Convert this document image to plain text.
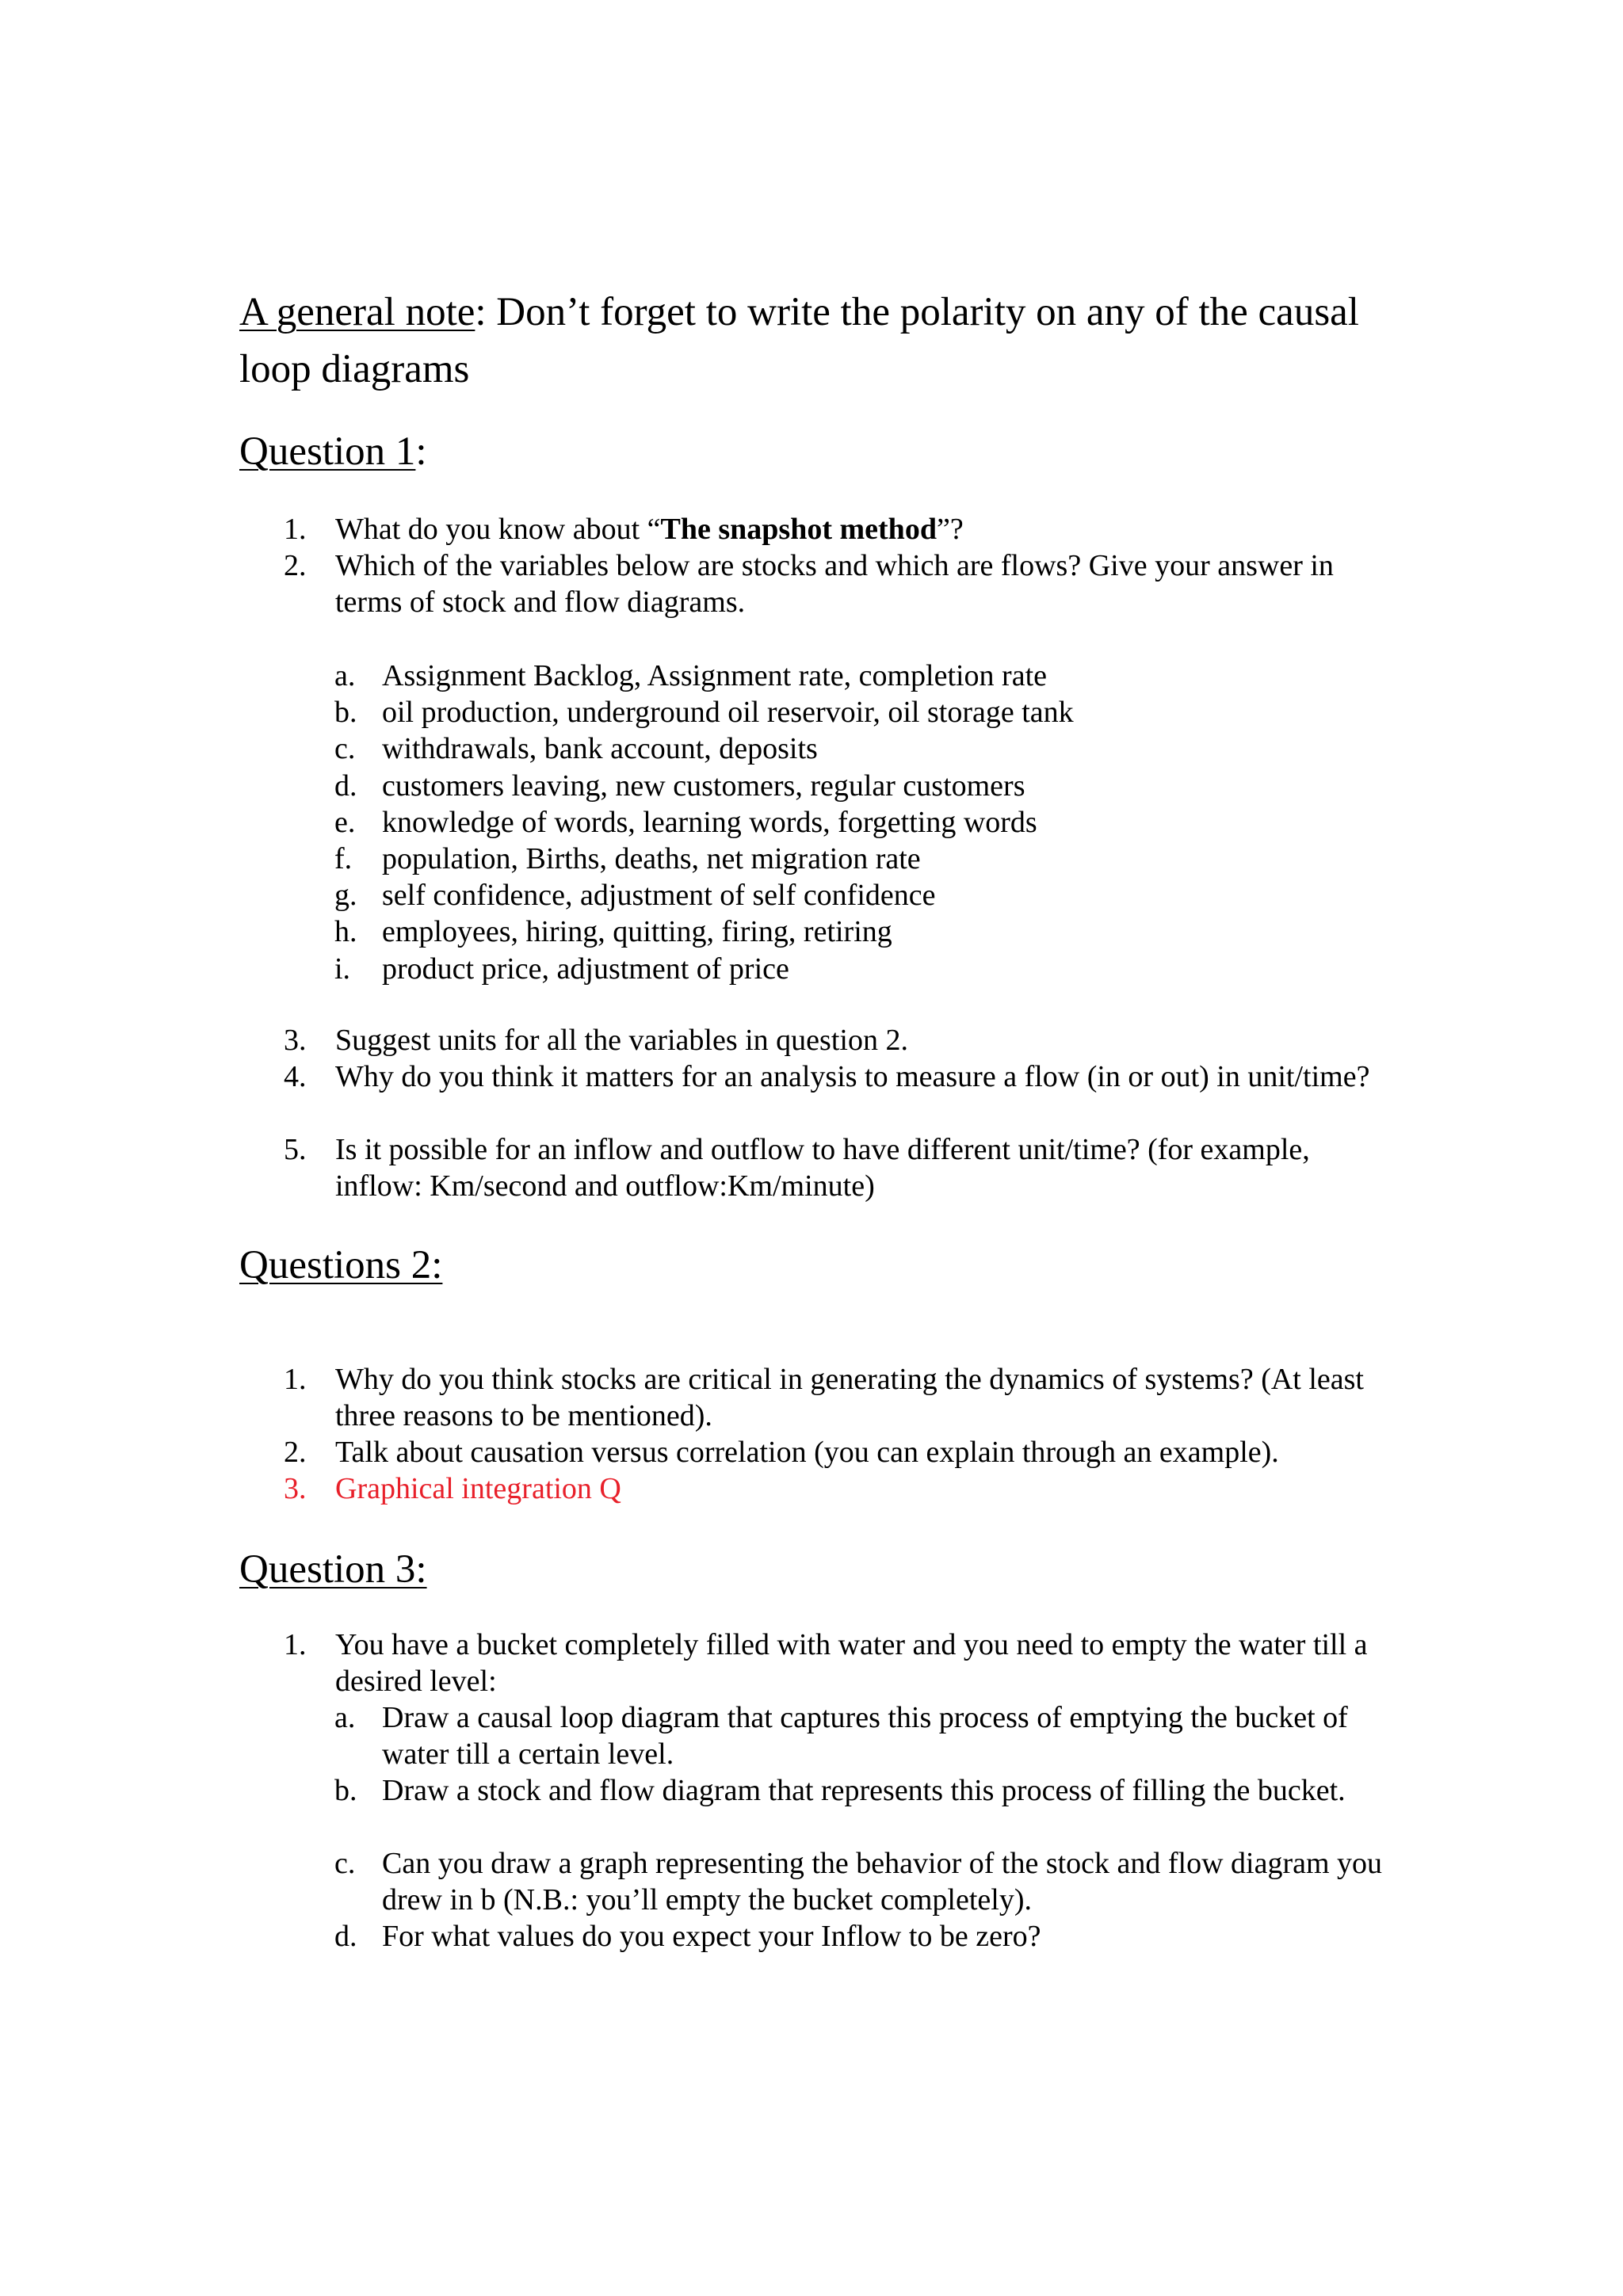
A general note: Don’t forget to write the polarity on any of the causal loop diagrams
Question 1:
1. What do you know about “The snapshot method”?
2. Which of the variables below are stocks and which are flows? Give your answer in terms of stock and flow diagrams.
a. Assignment Backlog, Assignment rate, completion rate
b. oil production, underground oil reservoir, oil storage tank
c. withdrawals, bank account, deposits
d. customers leaving, new customers, regular customers
e. knowledge of words, learning words, forgetting words
f. population, Births, deaths, net migration rate
g. self confidence, adjustment of self confidence
h. employees, hiring, quitting, firing, retiring
i. product price, adjustment of price
3. Suggest units for all the variables in question 2.
4. Why do you think it matters for an analysis to measure a flow (in or out) in unit/time?
5. Is it possible for an inflow and outflow to have different unit/time? (for example, inflow: Km/second and outflow:Km/minute)
Questions 2:
1. Why do you think stocks are critical in generating the dynamics of systems? (At least three reasons to be mentioned).
2. Talk about causation versus correlation (you can explain through an example).
3. Graphical integration Q
Question 3:
1. You have a bucket completely filled with water and you need to empty the water till a desired level:
a. Draw a causal loop diagram that captures this process of emptying the bucket of water till a certain level.
b. Draw a stock and flow diagram that represents this process of filling the bucket.
c. Can you draw a graph representing the behavior of the stock and flow diagram you drew in b (N.B.: you’ll empty the bucket completely).
d. For what values do you expect your Inflow to be zero?
